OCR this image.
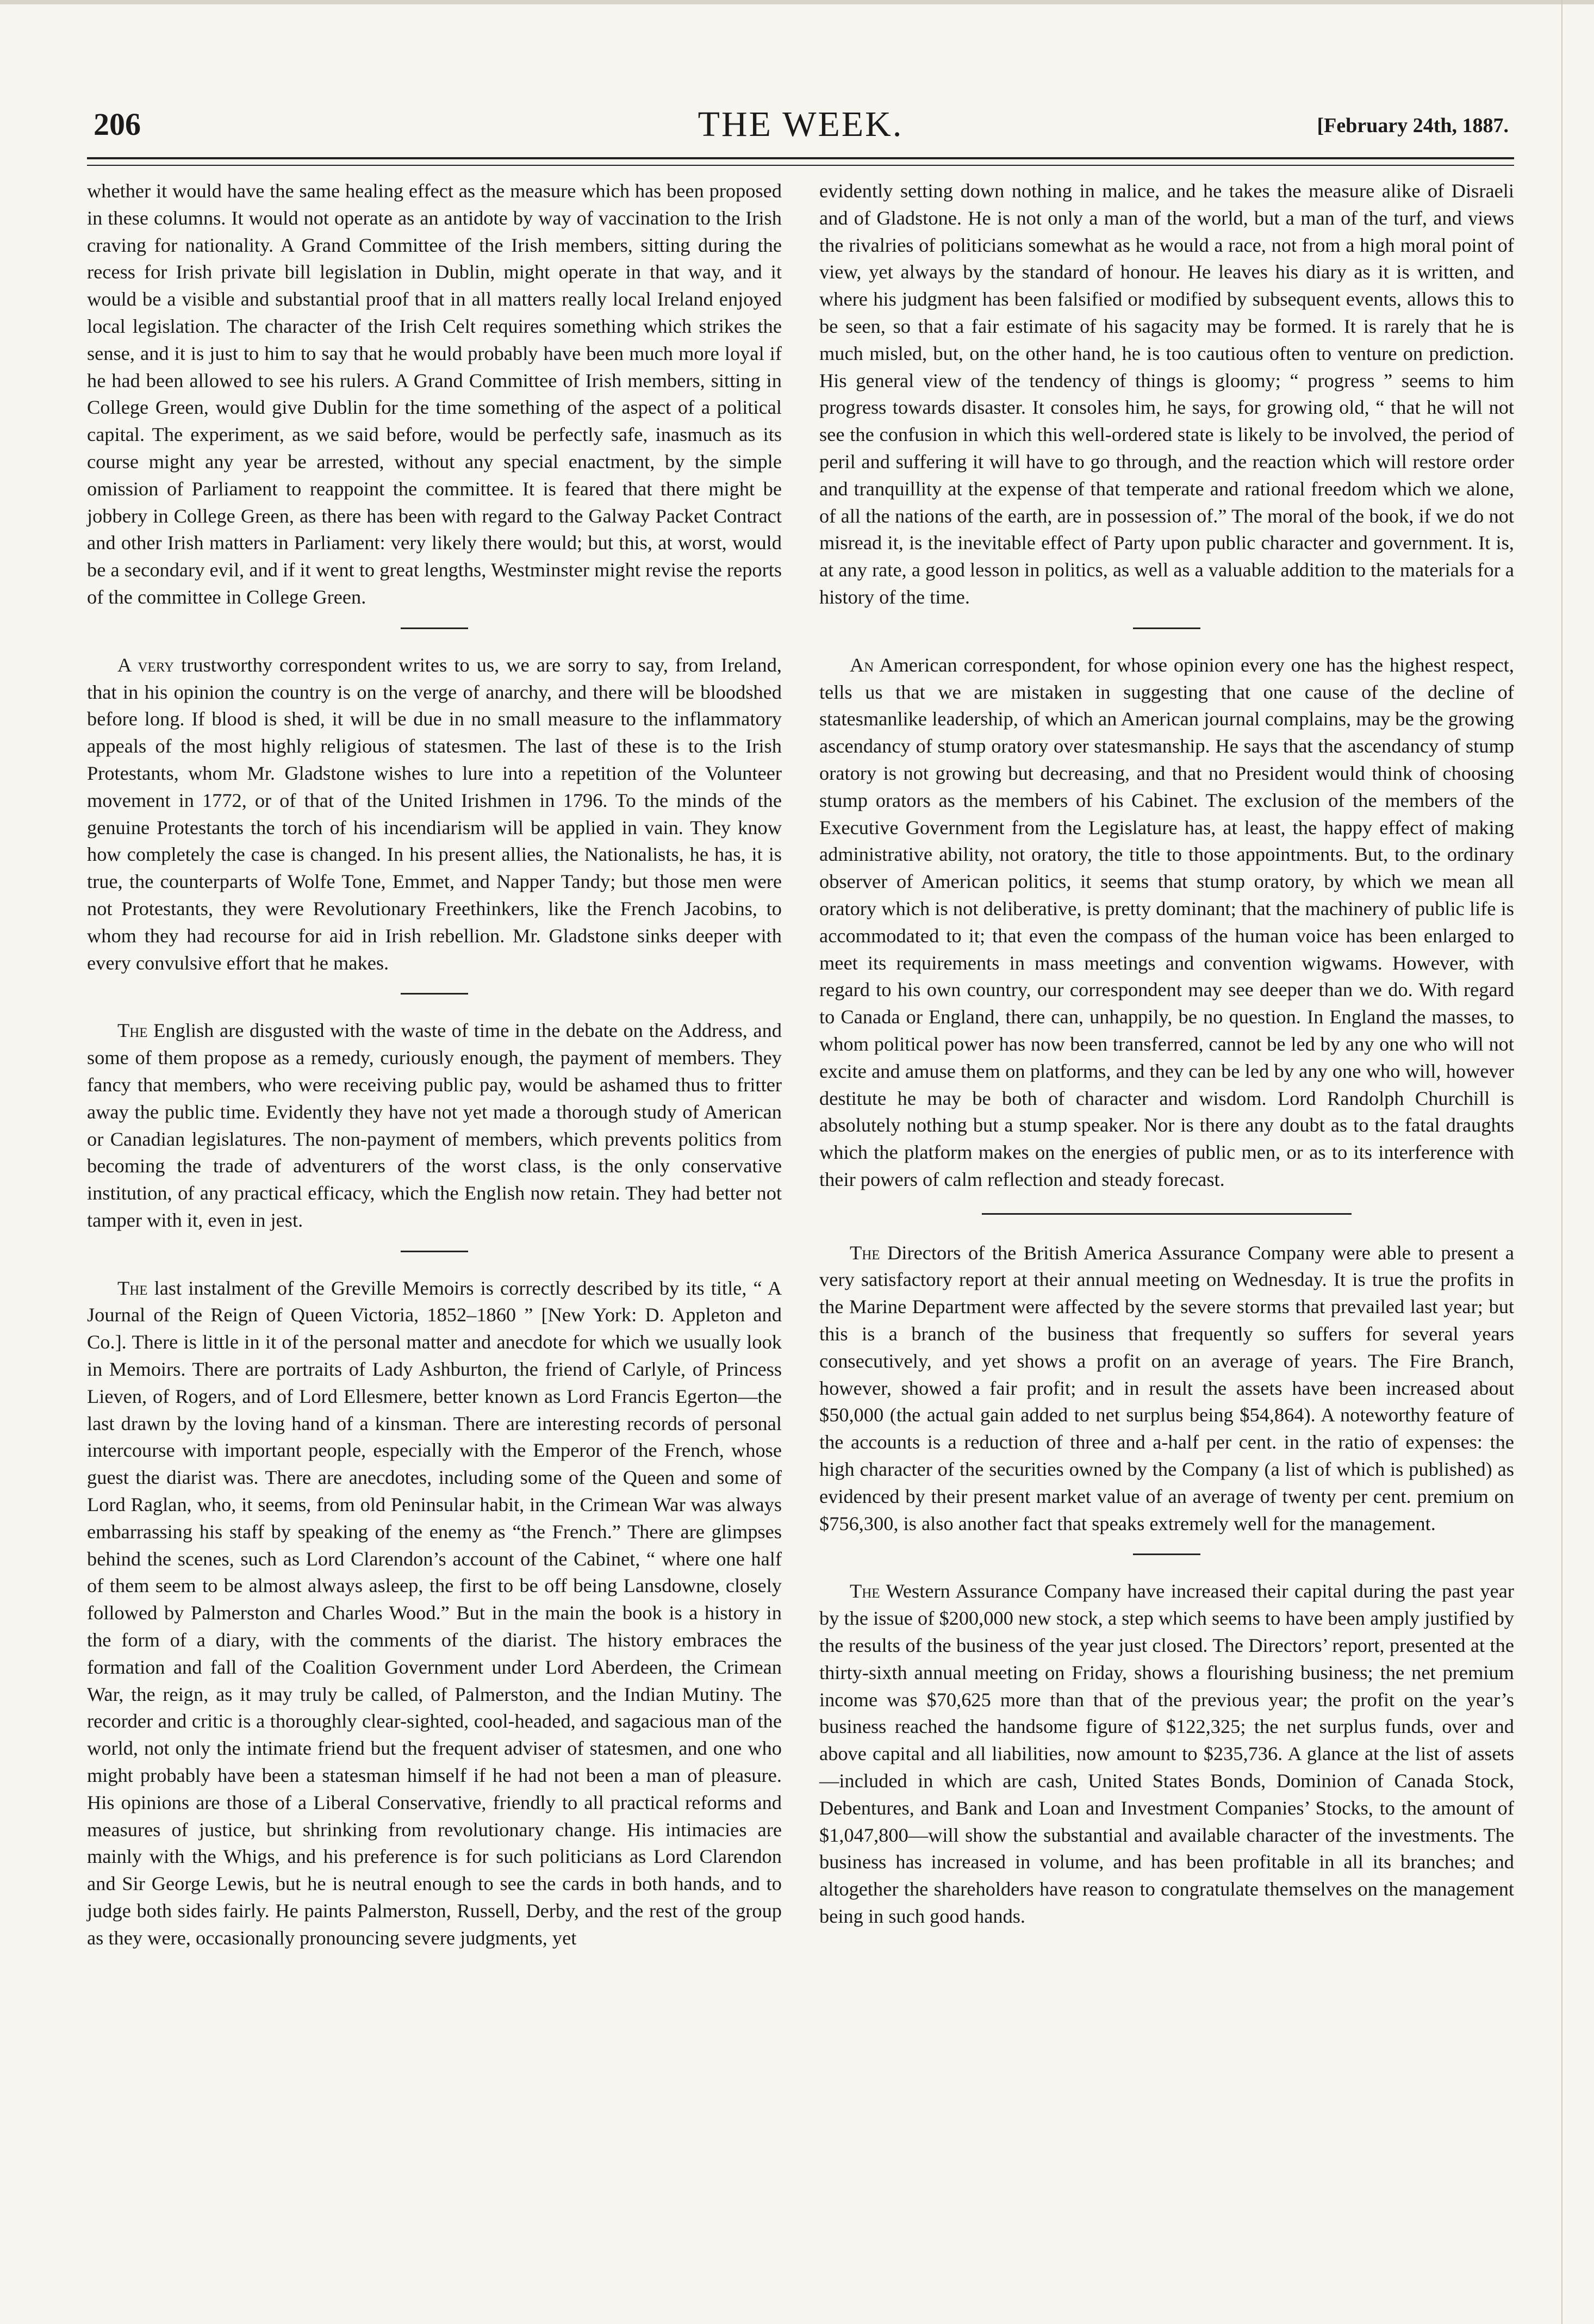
206	THE WEEK.	[February 24th, 1887.

whether it would have the same healing effect as the measure which has been proposed in these columns. It would not operate as an antidote by way of vaccination to the Irish craving for nationality. A Grand Committee of the Irish members, sitting during the recess for Irish private bill legislation in Dublin, might operate in that way, and it would be a visible and substantial proof that in all matters really local Ireland enjoyed local legislation. The character of the Irish Celt requires something which strikes the sense, and it is just to him to say that he would probably have been much more loyal if he had been allowed to see his rulers. A Grand Committee of Irish members, sitting in College Green, would give Dublin for the time something of the aspect of a political capital. The experiment, as we said before, would be perfectly safe, inasmuch as its course might any year be arrested, without any special enactment, by the simple omission of Parliament to reappoint the committee. It is feared that there might be jobbery in College Green, as there has been with regard to the Galway Packet Contract and other Irish matters in Parliament: very likely there would; but this, at worst, would be a secondary evil, and if it went to great lengths, Westminster might revise the reports of the committee in College Green.

A very trustworthy correspondent writes to us, we are sorry to say, from Ireland, that in his opinion the country is on the verge of anarchy, and there will be bloodshed before long. If blood is shed, it will be due in no small measure to the inflammatory appeals of the most highly religious of statesmen. The last of these is to the Irish Protestants, whom Mr. Gladstone wishes to lure into a repetition of the Volunteer movement in 1772, or of that of the United Irishmen in 1796. To the minds of the genuine Protestants the torch of his incendiarism will be applied in vain. They know how completely the case is changed. In his present allies, the Nationalists, he has, it is true, the counterparts of Wolfe Tone, Emmet, and Napper Tandy; but those men were not Protestants, they were Revolutionary Freethinkers, like the French Jacobins, to whom they had recourse for aid in Irish rebellion. Mr. Gladstone sinks deeper with every convulsive effort that he makes.

The English are disgusted with the waste of time in the debate on the Address, and some of them propose as a remedy, curiously enough, the payment of members. They fancy that members, who were receiving public pay, would be ashamed thus to fritter away the public time. Evidently they have not yet made a thorough study of American or Canadian legislatures. The non-payment of members, which prevents politics from becoming the trade of adventurers of the worst class, is the only conservative institution, of any practical efficacy, which the English now retain. They had better not tamper with it, even in jest.

The last instalment of the Greville Memoirs is correctly described by its title, “ A Journal of the Reign of Queen Victoria, 1852–1860 ” [New York: D. Appleton and Co.]. There is little in it of the personal matter and anecdote for which we usually look in Memoirs. There are portraits of Lady Ashburton, the friend of Carlyle, of Princess Lieven, of Rogers, and of Lord Ellesmere, better known as Lord Francis Egerton—the last drawn by the loving hand of a kinsman. There are interesting records of personal intercourse with important people, especially with the Emperor of the French, whose guest the diarist was. There are anecdotes, including some of the Queen and some of Lord Raglan, who, it seems, from old Peninsular habit, in the Crimean War was always embarrassing his staff by speaking of the enemy as “the French.” There are glimpses behind the scenes, such as Lord Clarendon’s account of the Cabinet, “ where one half of them seem to be almost always asleep, the first to be off being Lansdowne, closely followed by Palmerston and Charles Wood.” But in the main the book is a history in the form of a diary, with the comments of the diarist. The history embraces the formation and fall of the Coalition Government under Lord Aberdeen, the Crimean War, the reign, as it may truly be called, of Palmerston, and the Indian Mutiny. The recorder and critic is a thoroughly clear-sighted, cool-headed, and sagacious man of the world, not only the intimate friend but the frequent adviser of statesmen, and one who might probably have been a statesman himself if he had not been a man of pleasure. His opinions are those of a Liberal Conservative, friendly to all practical reforms and measures of justice, but shrinking from revolutionary change. His intimacies are mainly with the Whigs, and his preference is for such politicians as Lord Clarendon and Sir George Lewis, but he is neutral enough to see the cards in both hands, and to judge both sides fairly. He paints Palmerston, Russell, Derby, and the rest of the group as they were, occasionally pronouncing severe judgments, yet

evidently setting down nothing in malice, and he takes the measure alike of Disraeli and of Gladstone. He is not only a man of the world, but a man of the turf, and views the rivalries of politicians somewhat as he would a race, not from a high moral point of view, yet always by the standard of honour. He leaves his diary as it is written, and where his judgment has been falsified or modified by subsequent events, allows this to be seen, so that a fair estimate of his sagacity may be formed. It is rarely that he is much misled, but, on the other hand, he is too cautious often to venture on prediction. His general view of the tendency of things is gloomy; “ progress ” seems to him progress towards disaster. It consoles him, he says, for growing old, “ that he will not see the confusion in which this well-ordered state is likely to be involved, the period of peril and suffering it will have to go through, and the reaction which will restore order and tranquillity at the expense of that temperate and rational freedom which we alone, of all the nations of the earth, are in possession of.” The moral of the book, if we do not misread it, is the inevitable effect of Party upon public character and government. It is, at any rate, a good lesson in politics, as well as a valuable addition to the materials for a history of the time.

An American correspondent, for whose opinion every one has the highest respect, tells us that we are mistaken in suggesting that one cause of the decline of statesmanlike leadership, of which an American journal complains, may be the growing ascendancy of stump oratory over statesmanship. He says that the ascendancy of stump oratory is not growing but decreasing, and that no President would think of choosing stump orators as the members of his Cabinet. The exclusion of the members of the Executive Government from the Legislature has, at least, the happy effect of making administrative ability, not oratory, the title to those appointments. But, to the ordinary observer of American politics, it seems that stump oratory, by which we mean all oratory which is not deliberative, is pretty dominant; that the machinery of public life is accommodated to it; that even the compass of the human voice has been enlarged to meet its requirements in mass meetings and convention wigwams. However, with regard to his own country, our correspondent may see deeper than we do. With regard to Canada or England, there can, unhappily, be no question. In England the masses, to whom political power has now been transferred, cannot be led by any one who will not excite and amuse them on platforms, and they can be led by any one who will, however destitute he may be both of character and wisdom. Lord Randolph Churchill is absolutely nothing but a stump speaker. Nor is there any doubt as to the fatal draughts which the platform makes on the energies of public men, or as to its interference with their powers of calm reflection and steady forecast.

The Directors of the British America Assurance Company were able to present a very satisfactory report at their annual meeting on Wednesday. It is true the profits in the Marine Department were affected by the severe storms that prevailed last year; but this is a branch of the business that frequently so suffers for several years consecutively, and yet shows a profit on an average of years. The Fire Branch, however, showed a fair profit; and in result the assets have been increased about $50,000 (the actual gain added to net surplus being $54,864). A noteworthy feature of the accounts is a reduction of three and a-half per cent. in the ratio of expenses: the high character of the securities owned by the Company (a list of which is published) as evidenced by their present market value of an average of twenty per cent. premium on $756,300, is also another fact that speaks extremely well for the management.

The Western Assurance Company have increased their capital during the past year by the issue of $200,000 new stock, a step which seems to have been amply justified by the results of the business of the year just closed. The Directors’ report, presented at the thirty-sixth annual meeting on Friday, shows a flourishing business; the net premium income was $70,625 more than that of the previous year; the profit on the year’s business reached the handsome figure of $122,325; the net surplus funds, over and above capital and all liabilities, now amount to $235,736. A glance at the list of assets—included in which are cash, United States Bonds, Dominion of Canada Stock, Debentures, and Bank and Loan and Investment Companies’ Stocks, to the amount of $1,047,800—will show the substantial and available character of the investments. The business has increased in volume, and has been profitable in all its branches; and altogether the shareholders have reason to congratulate themselves on the management being in such good hands.
